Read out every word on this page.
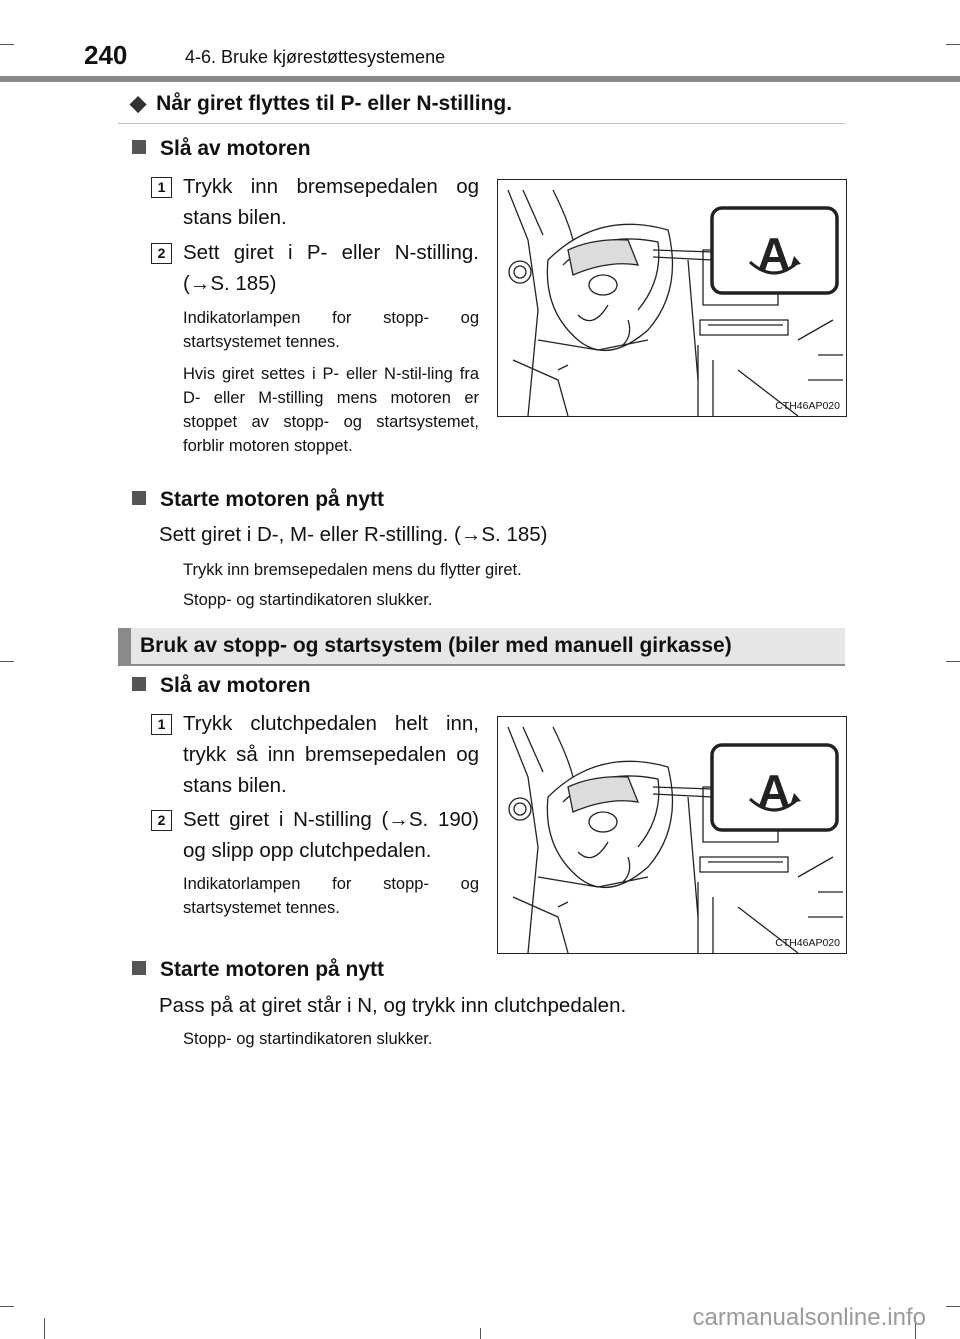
240	4-6. Bruke kjørestøttesystemene
◆ Når giret flyttes til P- eller N-stilling.
Slå av motoren
1 Trykk inn bremsepedalen og stans bilen.
2 Sett giret i P- eller N-stilling. (→S. 185)
Indikatorlampen for stopp- og startsystemet tennes.
Hvis giret settes i P- eller N-stil-ling fra D- eller M-stilling mens motoren er stoppet av stopp- og startsystemet, forblir motoren stoppet.
A
CTH46AP020
Starte motoren på nytt
Sett giret i D-, M- eller R-stilling. (→S. 185)
Trykk inn bremsepedalen mens du flytter giret.
Stopp- og startindikatoren slukker.
Bruk av stopp- og startsystem (biler med manuell girkasse)
Slå av motoren
1 Trykk clutchpedalen helt inn, trykk så inn bremsepedalen og stans bilen.
2 Sett giret i N-stilling (→S. 190) og slipp opp clutchpedalen.
Indikatorlampen for stopp- og startsystemet tennes.
A
CTH46AP020
Starte motoren på nytt
Pass på at giret står i N, og trykk inn clutchpedalen.
Stopp- og startindikatoren slukker.
carmanualsonline.info
